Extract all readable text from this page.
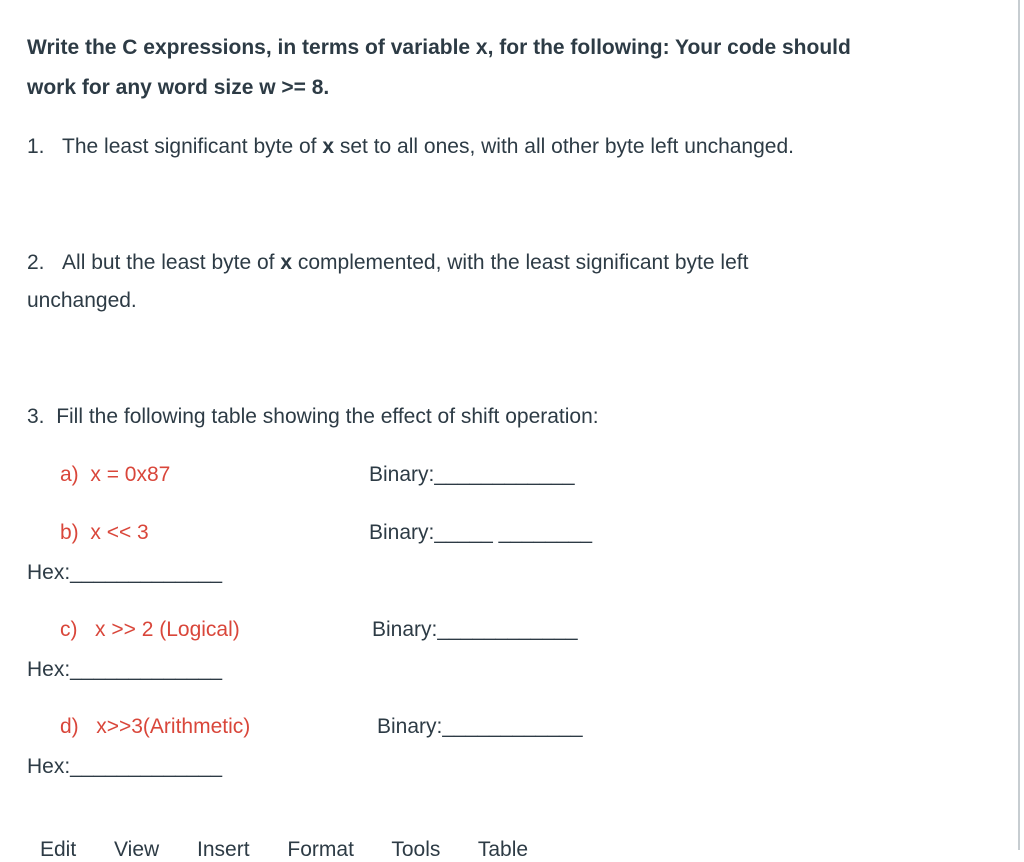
Write the C expressions, in terms of variable x, for the following: Your code should
work for any word size w >= 8.
1. The least significant byte of x set to all ones, with all other byte left unchanged.
2. All but the least byte of x complemented, with the least significant byte left
unchanged.
3. Fill the following table showing the effect of shift operation:
a) x = 0x87	Binary:____________
b) x << 3	Binary:_____ ________
Hex:_____________
c) x >> 2 (Logical)	Binary:____________
Hex:_____________
d) x>>3(Arithmetic)	Binary:____________
Hex:_____________
Edit View Insert Format Tools Table
